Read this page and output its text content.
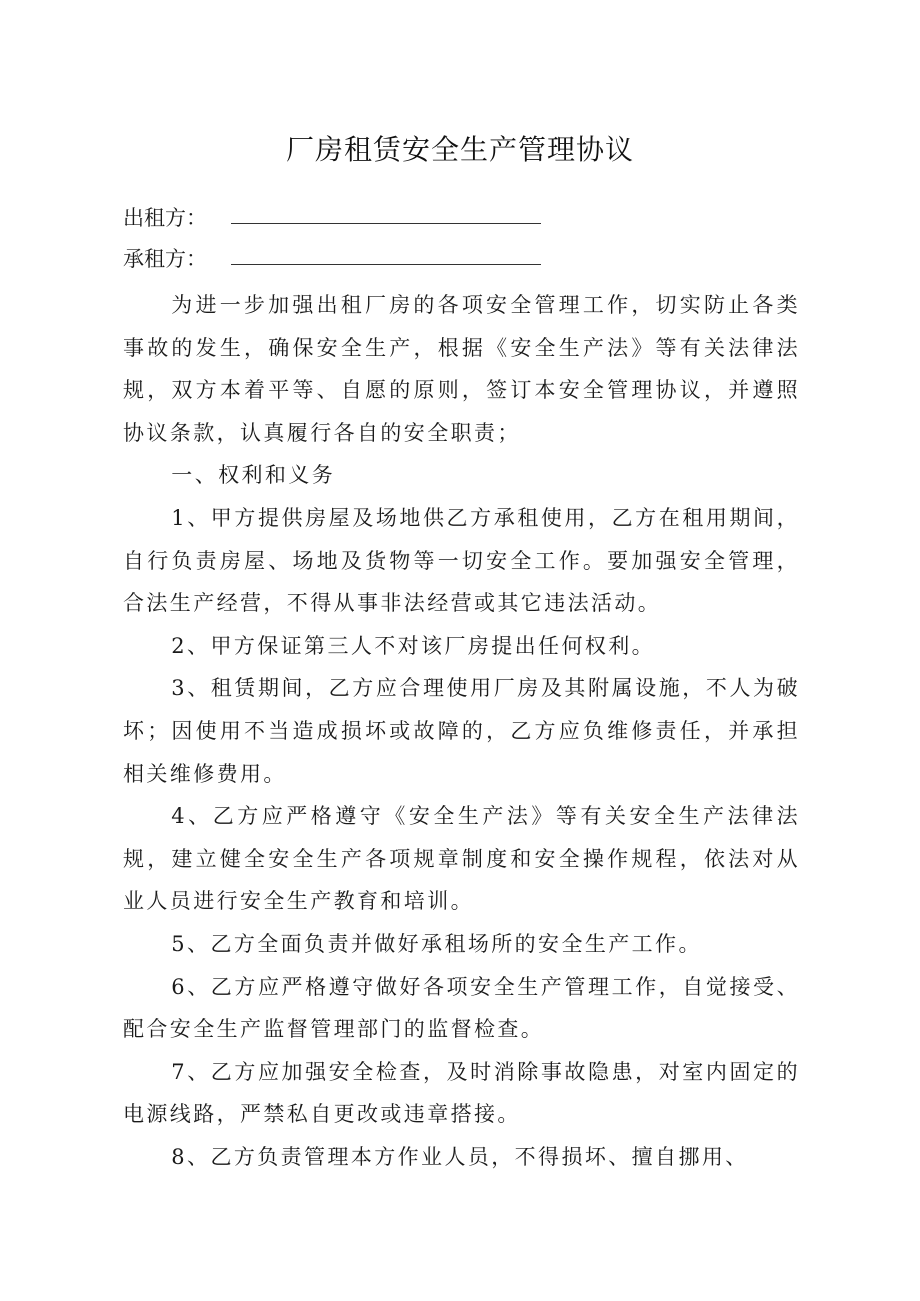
厂房租赁安全生产管理协议
出租方：
承租方：

为进一步加强出租厂房的各项安全管理工作，切实防止各类事故的发生，确保安全生产，根据《安全生产法》等有关法律法规，双方本着平等、自愿的原则，签订本安全管理协议，并遵照协议条款，认真履行各自的安全职责；

一、权利和义务

1、甲方提供房屋及场地供乙方承租使用，乙方在租用期间，自行负责房屋、场地及货物等一切安全工作。要加强安全管理，合法生产经营，不得从事非法经营或其它违法活动。

2、甲方保证第三人不对该厂房提出任何权利。

3、租赁期间，乙方应合理使用厂房及其附属设施，不人为破坏；因使用不当造成损坏或故障的，乙方应负维修责任，并承担相关维修费用。

4、乙方应严格遵守《安全生产法》等有关安全生产法律法规，建立健全安全生产各项规章制度和安全操作规程，依法对从业人员进行安全生产教育和培训。

5、乙方全面负责并做好承租场所的安全生产工作。

6、乙方应严格遵守做好各项安全生产管理工作，自觉接受、配合安全生产监督管理部门的监督检查。

7、乙方应加强安全检查，及时消除事故隐患，对室内固定的电源线路，严禁私自更改或违章搭接。

8、乙方负责管理本方作业人员，不得损坏、擅自挪用、
